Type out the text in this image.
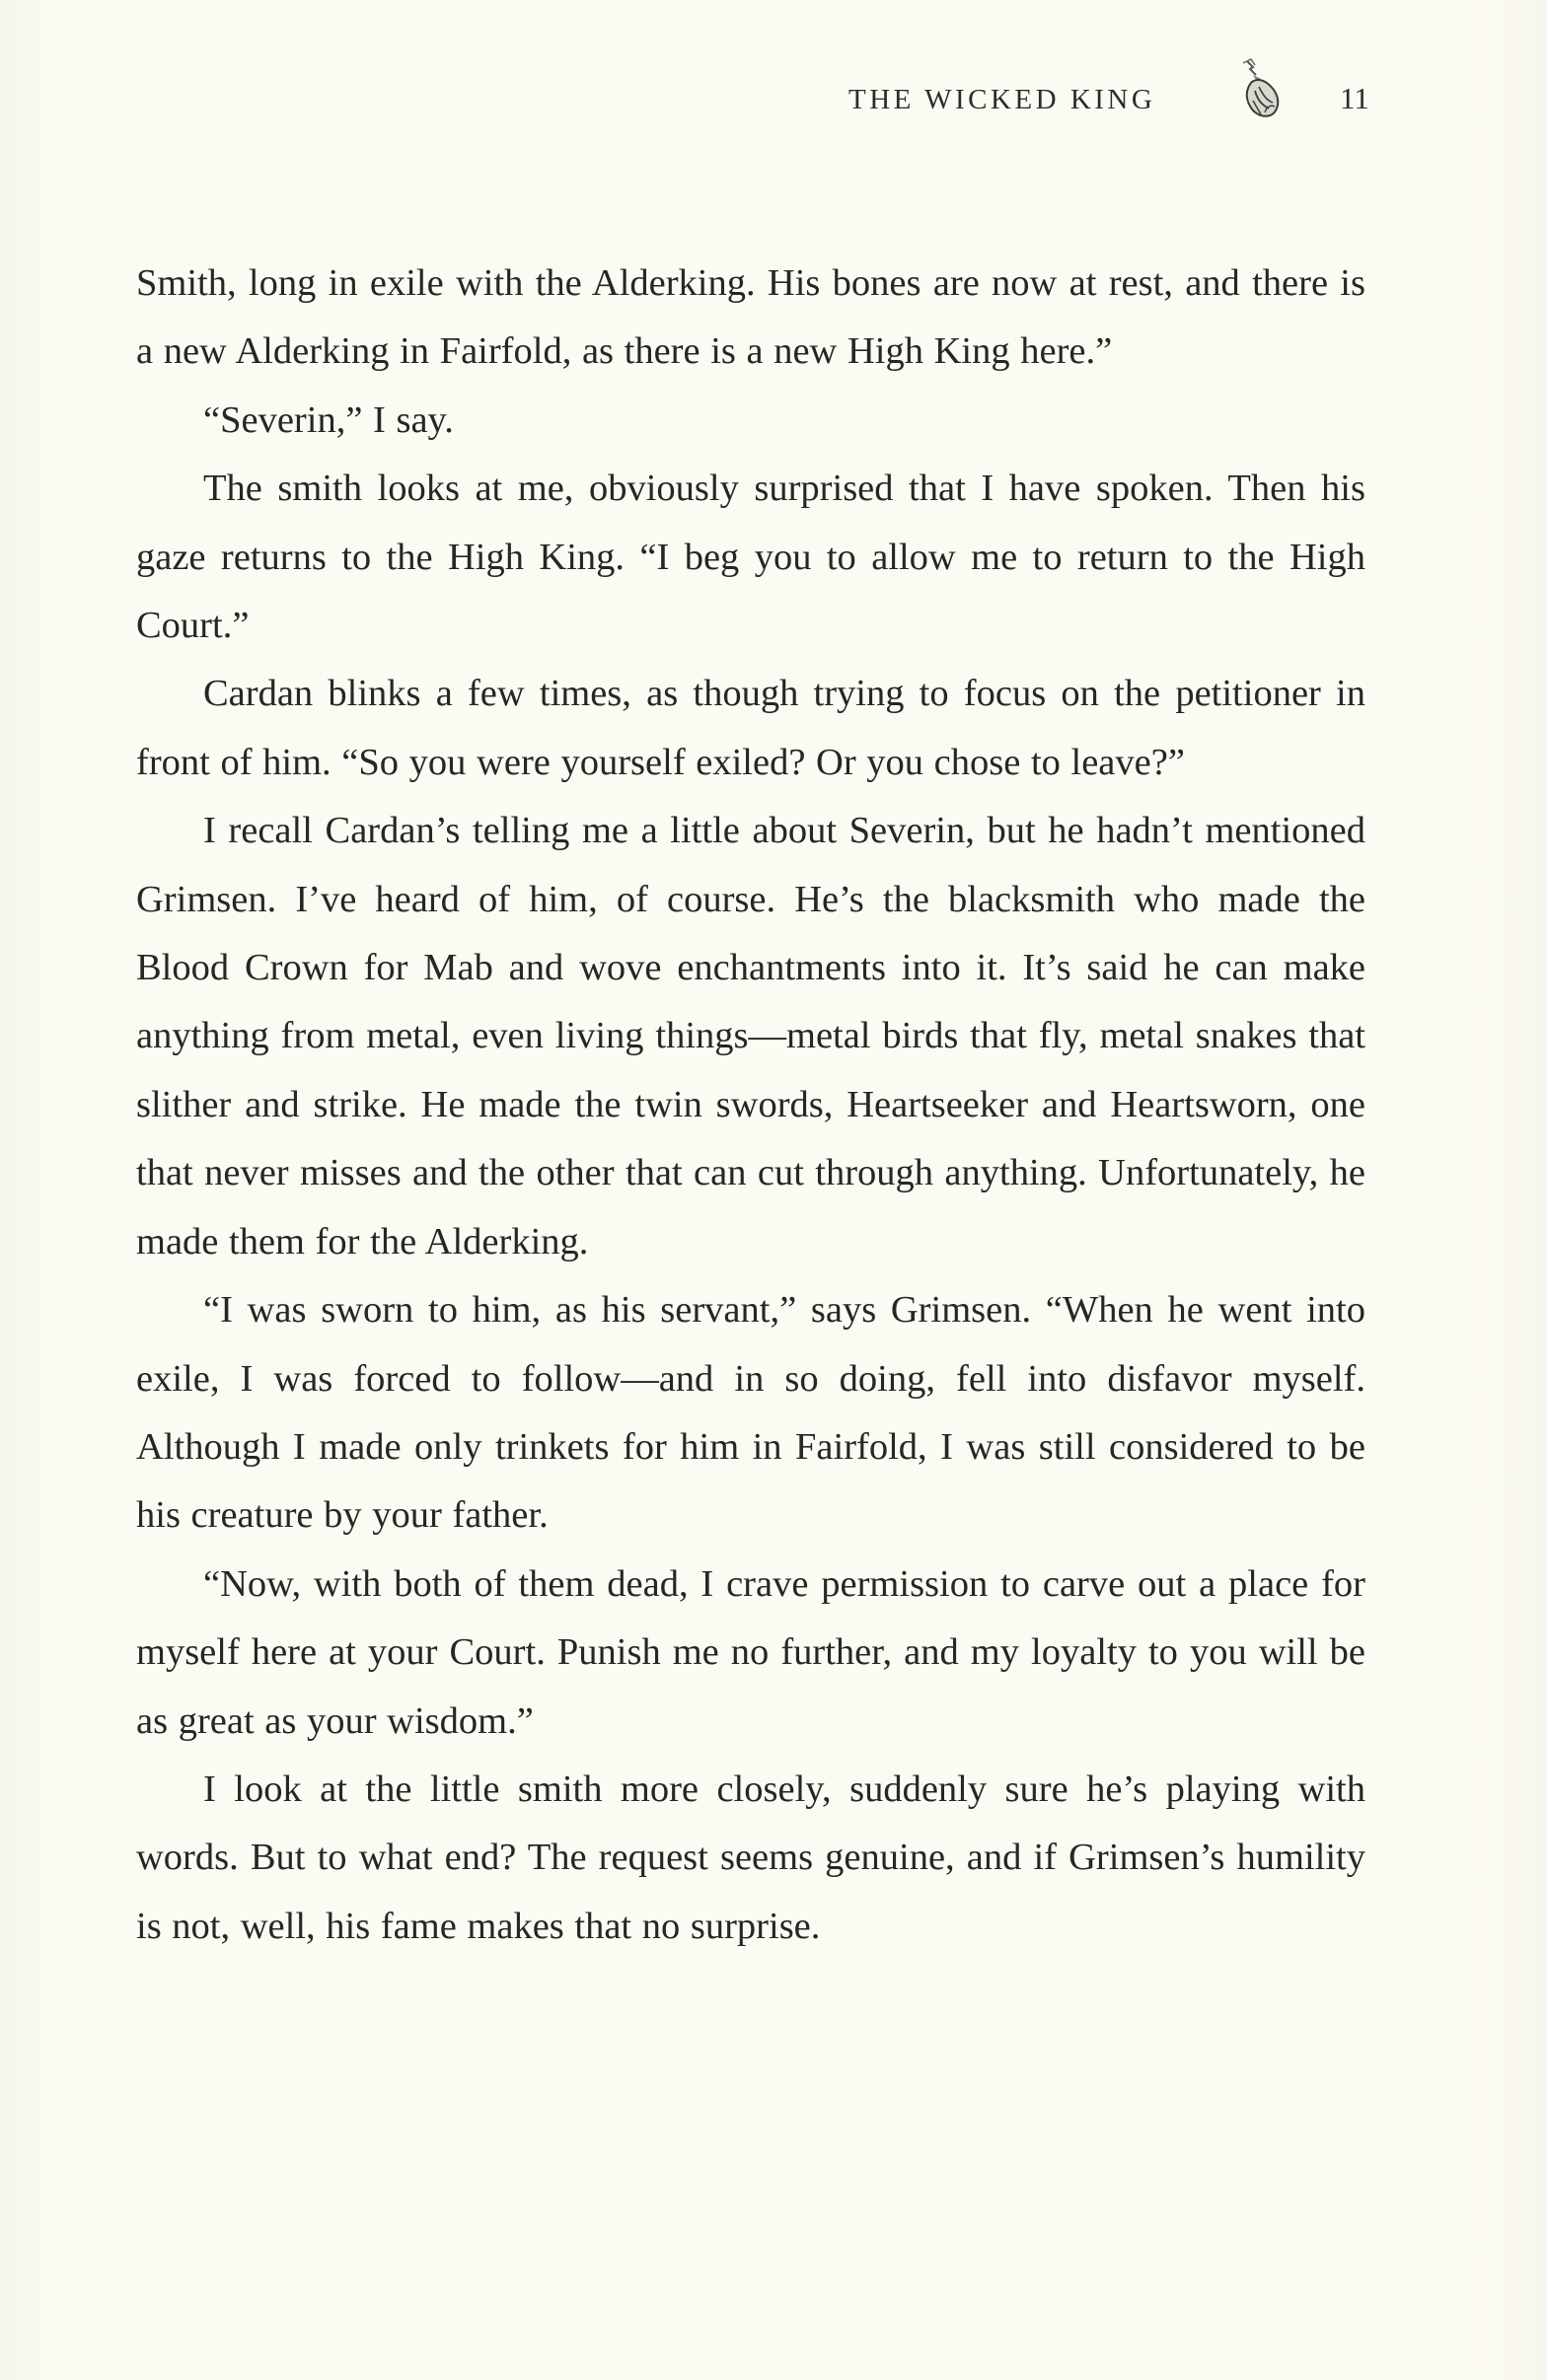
THE WICKED KING	11

Smith, long in exile with the Alderking. His bones are now at rest, and there is a new Alderking in Fairfold, as there is a new High King here.”

“Severin,” I say.

The smith looks at me, obviously surprised that I have spoken. Then his gaze returns to the High King. “I beg you to allow me to return to the High Court.”

Cardan blinks a few times, as though trying to focus on the petitioner in front of him. “So you were yourself exiled? Or you chose to leave?”

I recall Cardan’s telling me a little about Severin, but he hadn’t mentioned Grimsen. I’ve heard of him, of course. He’s the blacksmith who made the Blood Crown for Mab and wove enchantments into it. It’s said he can make anything from metal, even living things—metal birds that fly, metal snakes that slither and strike. He made the twin swords, Heartseeker and Heartsworn, one that never misses and the other that can cut through anything. Unfortunately, he made them for the Alderking.

“I was sworn to him, as his servant,” says Grimsen. “When he went into exile, I was forced to follow—and in so doing, fell into disfavor myself. Although I made only trinkets for him in Fairfold, I was still considered to be his creature by your father.

“Now, with both of them dead, I crave permission to carve out a place for myself here at your Court. Punish me no further, and my loyalty to you will be as great as your wisdom.”

I look at the little smith more closely, suddenly sure he’s playing with words. But to what end? The request seems genuine, and if Grimsen’s humility is not, well, his fame makes that no surprise.
